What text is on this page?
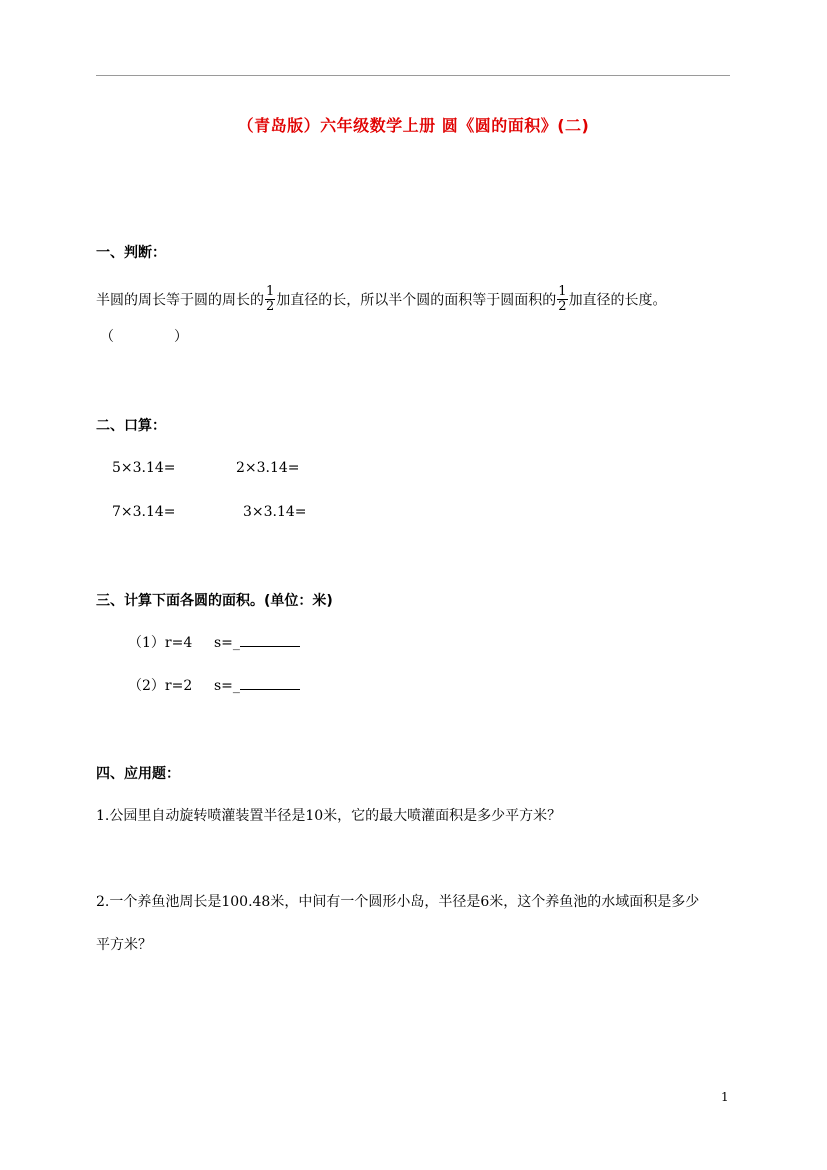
（青岛版）六年级数学上册 圆《圆的面积》(二)
一、判断：
半圆的周长等于圆的周长的 $\frac{1}{2}$ 加直径的长，所以半个圆的面积等于圆面积的 $\frac{1}{2}$ 加直径的长度。
（	）
二、口算：
5×3.14=	2×3.14=
7×3.14=	3×3.14=
三、计算下面各圆的面积。(单位：米)
（1）r=4 s=_
（2）r=2 s=_
四、应用题：
1.公园里自动旋转喷灌装置半径是10米，它的最大喷灌面积是多少平方米？
2.一个养鱼池周长是100.48米，中间有一个圆形小岛，半径是6米，这个养鱼池的水域面积是多少
平方米？
1
